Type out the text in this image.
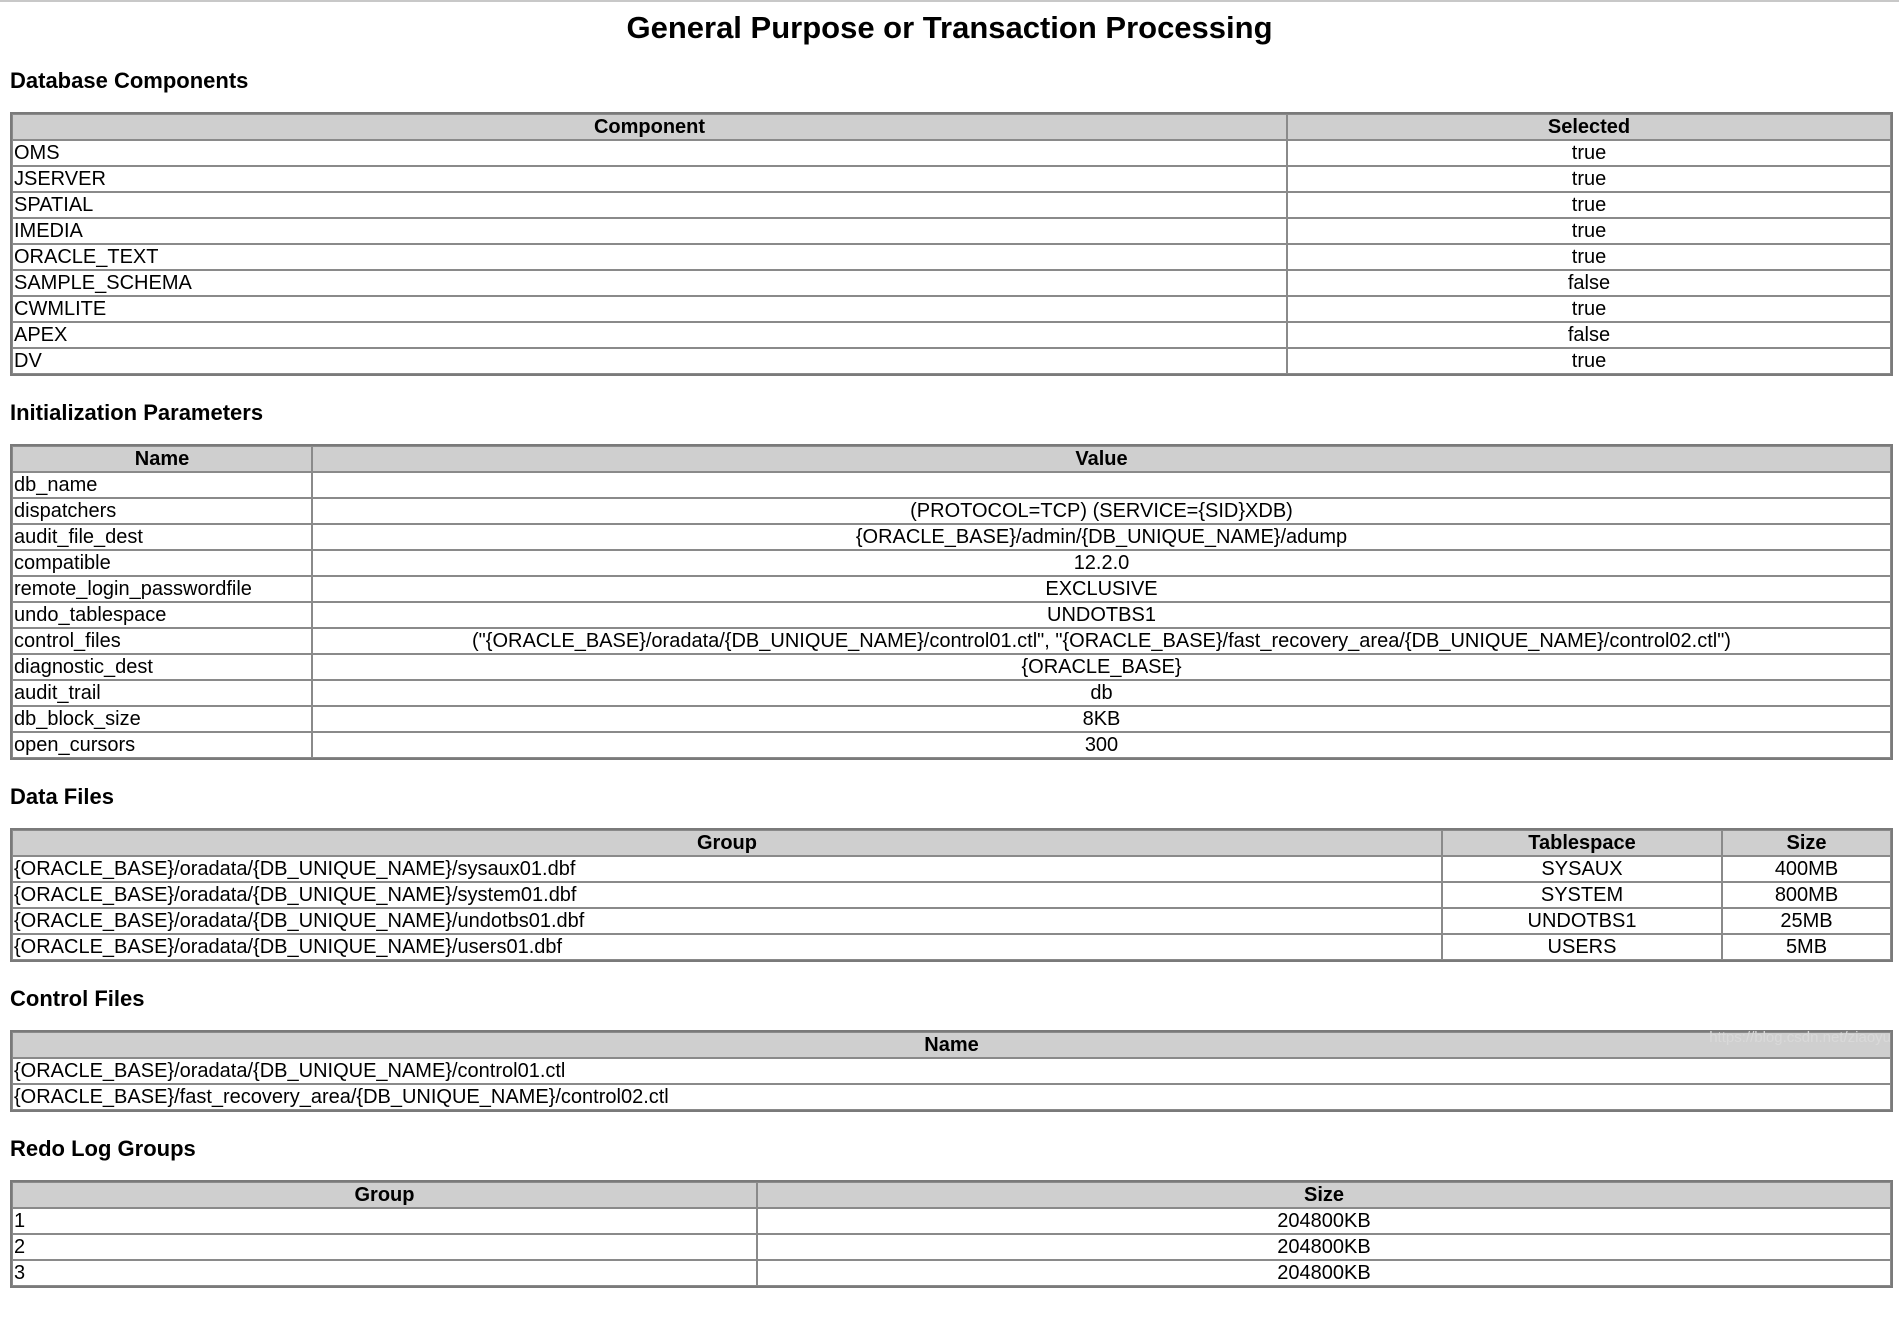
General Purpose or Transaction Processing
Database Components
Component	Selected
OMS	true
JSERVER	true
SPATIAL	true
IMEDIA	true
ORACLE_TEXT	true
SAMPLE_SCHEMA	false
CWMLITE	true
APEX	false
DV	true
Initialization Parameters
Name	Value
db_name	
dispatchers	(PROTOCOL=TCP) (SERVICE={SID}XDB)
audit_file_dest	{ORACLE_BASE}/admin/{DB_UNIQUE_NAME}/adump
compatible	12.2.0
remote_login_passwordfile	EXCLUSIVE
undo_tablespace	UNDOTBS1
control_files	("{ORACLE_BASE}/oradata/{DB_UNIQUE_NAME}/control01.ctl", "{ORACLE_BASE}/fast_recovery_area/{DB_UNIQUE_NAME}/control02.ctl")
diagnostic_dest	{ORACLE_BASE}
audit_trail	db
db_block_size	8KB
open_cursors	300
Data Files
Group	Tablespace	Size
{ORACLE_BASE}/oradata/{DB_UNIQUE_NAME}/sysaux01.dbf	SYSAUX	400MB
{ORACLE_BASE}/oradata/{DB_UNIQUE_NAME}/system01.dbf	SYSTEM	800MB
{ORACLE_BASE}/oradata/{DB_UNIQUE_NAME}/undotbs01.dbf	UNDOTBS1	25MB
{ORACLE_BASE}/oradata/{DB_UNIQUE_NAME}/users01.dbf	USERS	5MB
Control Files
Name
{ORACLE_BASE}/oradata/{DB_UNIQUE_NAME}/control01.ctl
{ORACLE_BASE}/fast_recovery_area/{DB_UNIQUE_NAME}/control02.ctl
Redo Log Groups
Group	Size
1	204800KB
2	204800KB
3	204800KB
https://blog.csdn.net/ziaoyu
